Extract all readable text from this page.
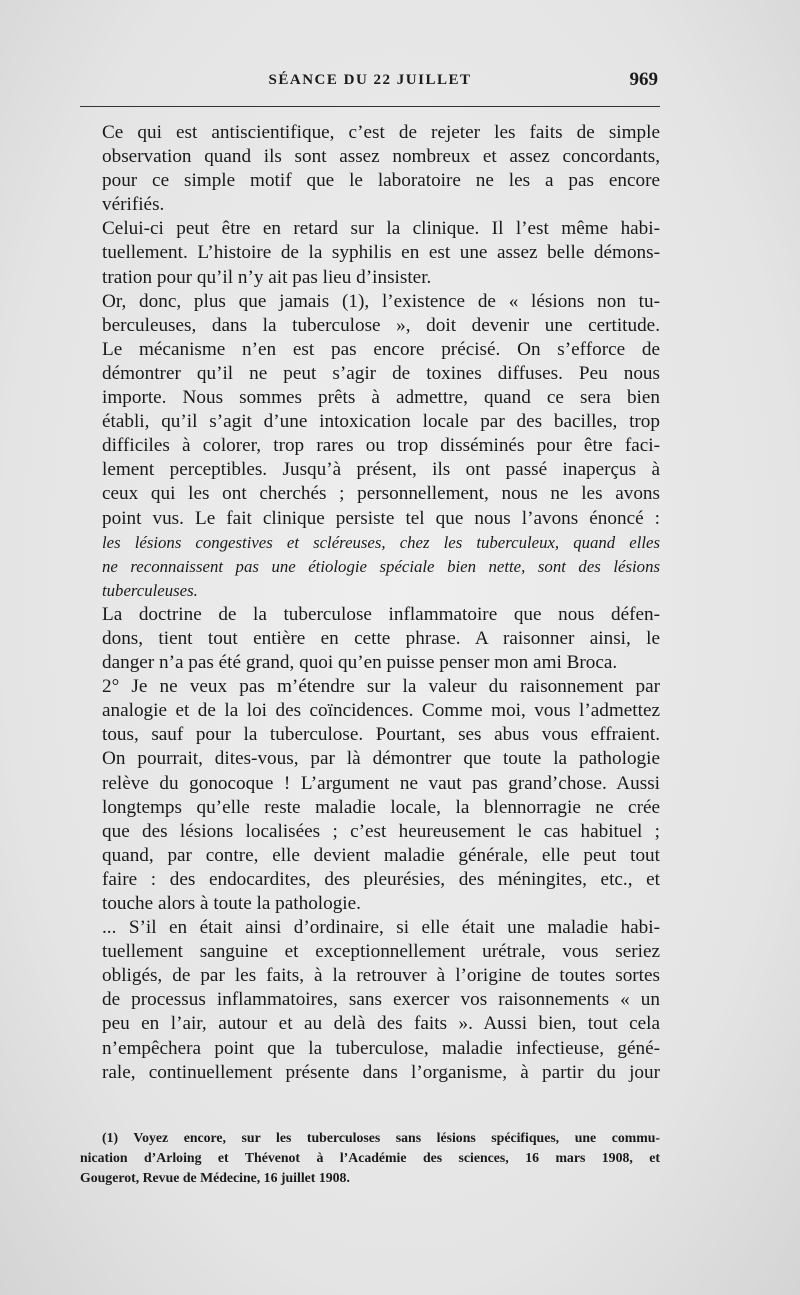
SÉANCE DU 22 JUILLET	969

Ce qui est antiscientifique, c’est de rejeter les faits de simple
observation quand ils sont assez nombreux et assez concordants,
pour ce simple motif que le laboratoire ne les a pas encore
vérifiés.

Celui-ci peut être en retard sur la clinique. Il l’est même habi-
tuellement. L’histoire de la syphilis en est une assez belle démons-
tration pour qu’il n’y ait pas lieu d’insister.

Or, donc, plus que jamais (1), l’existence de « lésions non tu-
berculeuses, dans la tuberculose », doit devenir une certitude.
Le mécanisme n’en est pas encore précisé. On s’efforce de
démontrer qu’il ne peut s’agir de toxines diffuses. Peu nous
importe. Nous sommes prêts à admettre, quand ce sera bien
établi, qu’il s’agit d’une intoxication locale par des bacilles, trop
difficiles à colorer, trop rares ou trop disséminés pour être faci-
lement perceptibles. Jusqu’à présent, ils ont passé inaperçus à
ceux qui les ont cherchés ; personnellement, nous ne les avons
point vus. Le fait clinique persiste tel que nous l’avons énoncé :
les lésions congestives et scléreuses, chez les tuberculeux, quand elles
ne reconnaissent pas une étiologie spéciale bien nette, sont des lésions
tuberculeuses.

La doctrine de la tuberculose inflammatoire que nous défen-
dons, tient tout entière en cette phrase. A raisonner ainsi, le
danger n’a pas été grand, quoi qu’en puisse penser mon ami Broca.

2° Je ne veux pas m’étendre sur la valeur du raisonnement par
analogie et de la loi des coïncidences. Comme moi, vous l’admettez
tous, sauf pour la tuberculose. Pourtant, ses abus vous effraient.
On pourrait, dites-vous, par là démontrer que toute la pathologie
relève du gonocoque ! L’argument ne vaut pas grand’chose. Aussi
longtemps qu’elle reste maladie locale, la blennorragie ne crée
que des lésions localisées ; c’est heureusement le cas habituel ;
quand, par contre, elle devient maladie générale, elle peut tout
faire : des endocardites, des pleurésies, des méningites, etc., et
touche alors à toute la pathologie.

... S’il en était ainsi d’ordinaire, si elle était une maladie habi-
tuellement sanguine et exceptionnellement urétrale, vous seriez
obligés, de par les faits, à la retrouver à l’origine de toutes sortes
de processus inflammatoires, sans exercer vos raisonnements « un
peu en l’air, autour et au delà des faits ». Aussi bien, tout cela
n’empêchera point que la tuberculose, maladie infectieuse, géné-
rale, continuellement présente dans l’organisme, à partir du jour

(1) Voyez encore, sur les tuberculoses sans lésions spécifiques, une commu-
nication d’Arloing et Thévenot à l’Académie des sciences, 16 mars 1908, et
Gougerot, Revue de Médecine, 16 juillet 1908.
